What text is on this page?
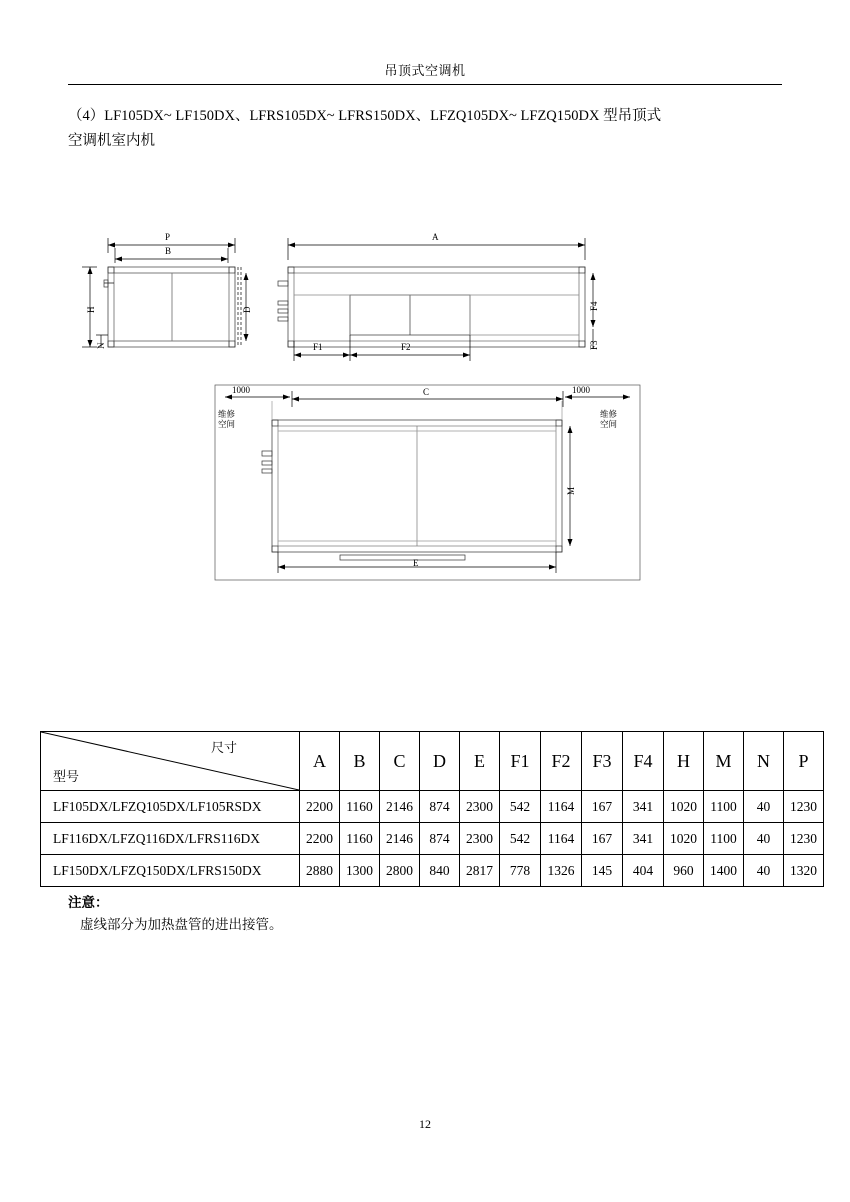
吊顶式空调机
（4）LF105DX~ LF150DX、LFRS105DX~ LFRS150DX、LFZQ105DX~ LFZQ150DX 型吊顶式
空调机室内机
P
B
H
N
D
A
F1	F2
F4
F3
1000	1000
C
维修空间
维修空间
E
M
尺寸
型号	A	B	C	D	E	F1	F2	F3	F4	H	M	N	P
LF105DX/LFZQ105DX/LF105RSDX	2200	1160	2146	874	2300	542	1164	167	341	1020	1100	40	1230
LF116DX/LFZQ116DX/LFRS116DX	2200	1160	2146	874	2300	542	1164	167	341	1020	1100	40	1230
LF150DX/LFZQ150DX/LFRS150DX	2880	1300	2800	840	2817	778	1326	145	404	960	1400	40	1320
注意：
虚线部分为加热盘管的进出接管。
12
